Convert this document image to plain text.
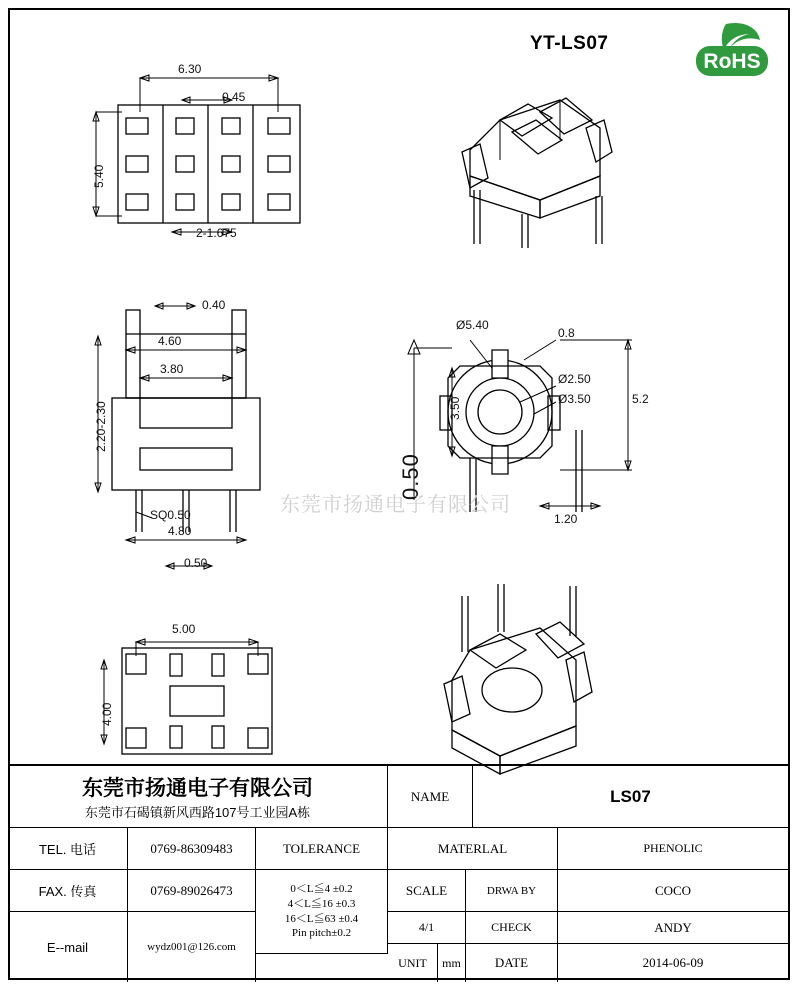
YT-LS07
RoHS
6.30
0.45
5.40
2-1.675
0.40
4.60
3.80
2.20-2.30
SQ0.50
4.80
0.50
Ø5.40
0.8
Ø2.50
Ø3.50
3.50	5.2
1.20
0.50
东莞市扬通电子有限公司
5.00
4.00
东莞市扬通电子有限公司
东莞市石碣镇新风西路107号工业园A栋
NAME	LS07
TEL. 电话	0769-86309483	TOLERANCE	MATERLAL	PHENOLIC
FAX. 传真	0769-89026473	0＜L≦4 ±0.2
4＜L≦16 ±0.3
16＜L≦63 ±0.4
Pin pitch±0.2
SCALE	DRWA BY	COCO
4/1	CHECK	ANDY
E--mail	wydz001@126.com
UNIT	mm	DATE	2014-06-09
